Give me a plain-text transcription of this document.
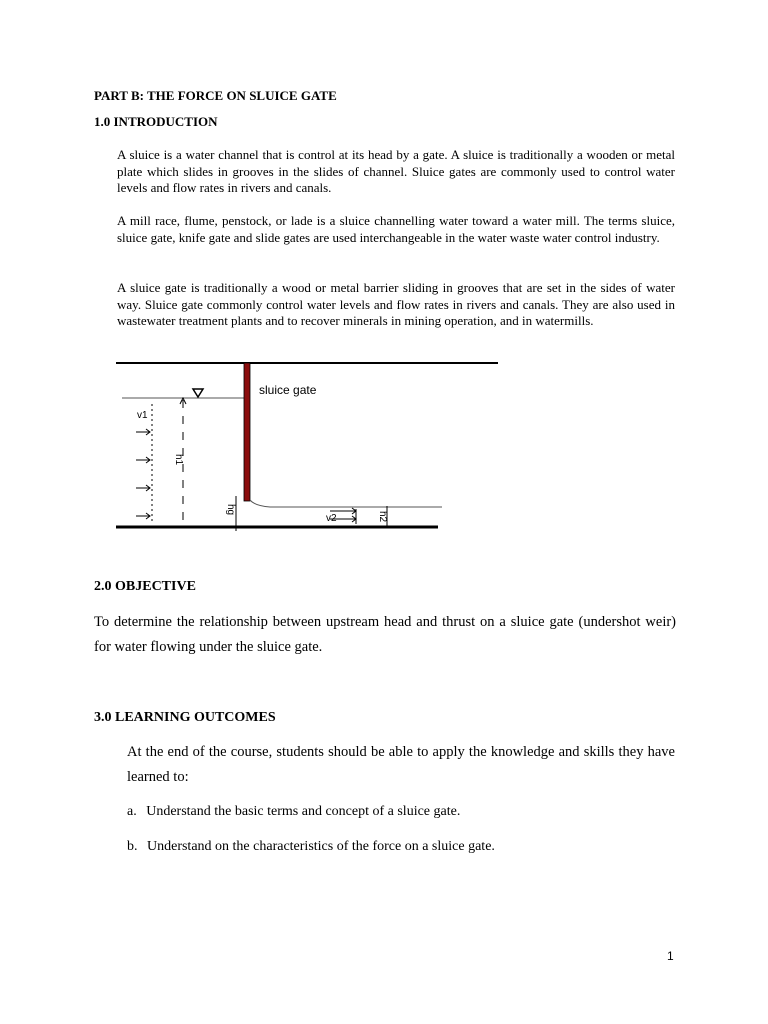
PART B: THE FORCE ON SLUICE GATE
1.0 INTRODUCTION
A sluice is a water channel that is control at its head by a gate. A sluice is traditionally a wooden or metal plate which slides in grooves in the slides of channel. Sluice gates are commonly used to control water levels and flow rates in rivers and canals.
A mill race, flume, penstock, or lade is a sluice channelling water toward a water mill. The terms sluice, sluice gate, knife gate and slide gates are used interchangeable in the water waste water control industry.
A sluice gate is traditionally a wood or metal barrier sliding in grooves that are set in the sides of water way. Sluice gate commonly control water levels and flow rates in rivers and canals. They are also used in wastewater treatment plants and to recover minerals in mining operation, and in watermills.
sluice gate
v1
h1
hg
v2	h2
2.0 OBJECTIVE
To determine the relationship between upstream head and thrust on a sluice gate (undershot weir) for water flowing under the sluice gate.
3.0 LEARNING OUTCOMES
At the end of the course, students should be able to apply the knowledge and skills they have learned to:
a. Understand the basic terms and concept of a sluice gate.
b. Understand on the characteristics of the force on a sluice gate.
1
